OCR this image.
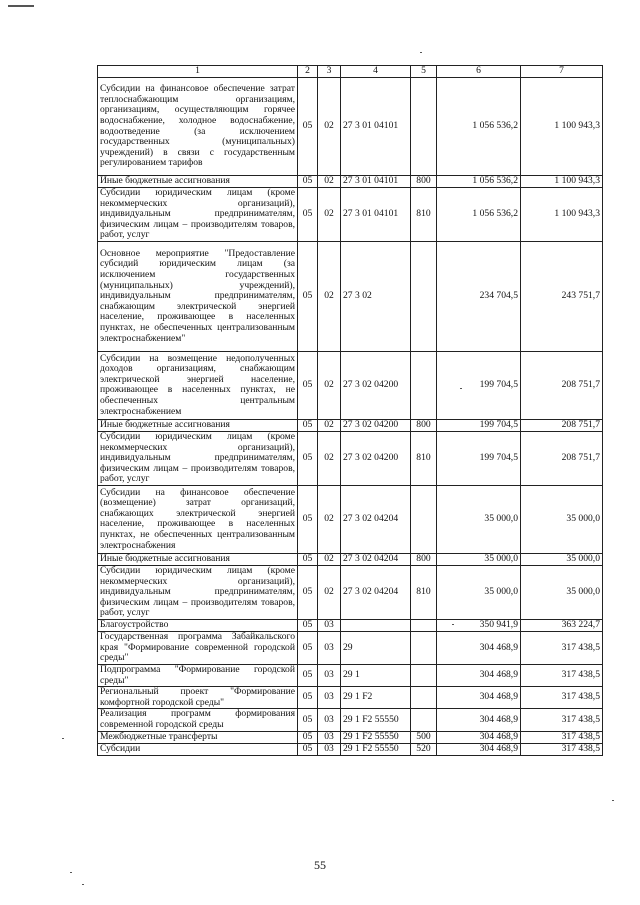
1	2	3	4	5	6	7
Субсидии на финансовое обеспечение затрат теплоснабжающим организациям, организациям, осуществляющим горячее водоснабжение, холодное водоснабжение, водоотведение (за исключением государственных (муниципальных) учреждений) в связи с государственным регулированием тарифов	05	02	27 3 01 04101		1 056 536,2	1 100 943,3
Иные бюджетные ассигнования	05	02	27 3 01 04101	800	1 056 536,2	1 100 943,3
Субсидии юридическим лицам (кроме некоммерческих организаций), индивидуальным предпринимателям, физическим лицам – производителям товаров, работ, услуг	05	02	27 3 01 04101	810	1 056 536,2	1 100 943,3
Основное мероприятие "Предоставление субсидий юридическим лицам (за исключением государственных (муниципальных) учреждений), индивидуальным предпринимателям, снабжающим электрической энергией население, проживающее в населенных пунктах, не обеспеченных централизованным электроснабжением"	05	02	27 3 02		234 704,5	243 751,7
Субсидии на возмещение недополученных доходов организациям, снабжающим электрической энергией население, проживающее в населенных пунктах, не обеспеченных центральным электроснабжением	05	02	27 3 02 04200		199 704,5	208 751,7
Иные бюджетные ассигнования	05	02	27 3 02 04200	800	199 704,5	208 751,7
Субсидии юридическим лицам (кроме некоммерческих организаций), индивидуальным предпринимателям, физическим лицам – производителям товаров, работ, услуг	05	02	27 3 02 04200	810	199 704,5	208 751,7
Субсидии на финансовое обеспечение (возмещение) затрат организаций, снабжающих электрической энергией население, проживающее в населенных пунктах, не обеспеченных централизованным электроснабжения	05	02	27 3 02 04204		35 000,0	35 000,0
Иные бюджетные ассигнования	05	02	27 3 02 04204	800	35 000,0	35 000,0
Субсидии юридическим лицам (кроме некоммерческих организаций), индивидуальным предпринимателям, физическим лицам – производителям товаров, работ, услуг	05	02	27 3 02 04204	810	35 000,0	35 000,0
Благоустройство	05	03			350 941,9	363 224,7
Государственная программа Забайкальского края "Формирование современной городской среды"	05	03	29		304 468,9	317 438,5
Подпрограмма "Формирование городской среды"	05	03	29 1		304 468,9	317 438,5
Региональный проект "Формирование комфортной городской среды"	05	03	29 1 F2		304 468,9	317 438,5
Реализация программ формирования современной городской среды	05	03	29 1 F2 55550		304 468,9	317 438,5
Межбюджетные трансферты	05	03	29 1 F2 55550	500	304 468,9	317 438,5
Субсидии	05	03	29 1 F2 55550	520	304 468,9	317 438,5
55
